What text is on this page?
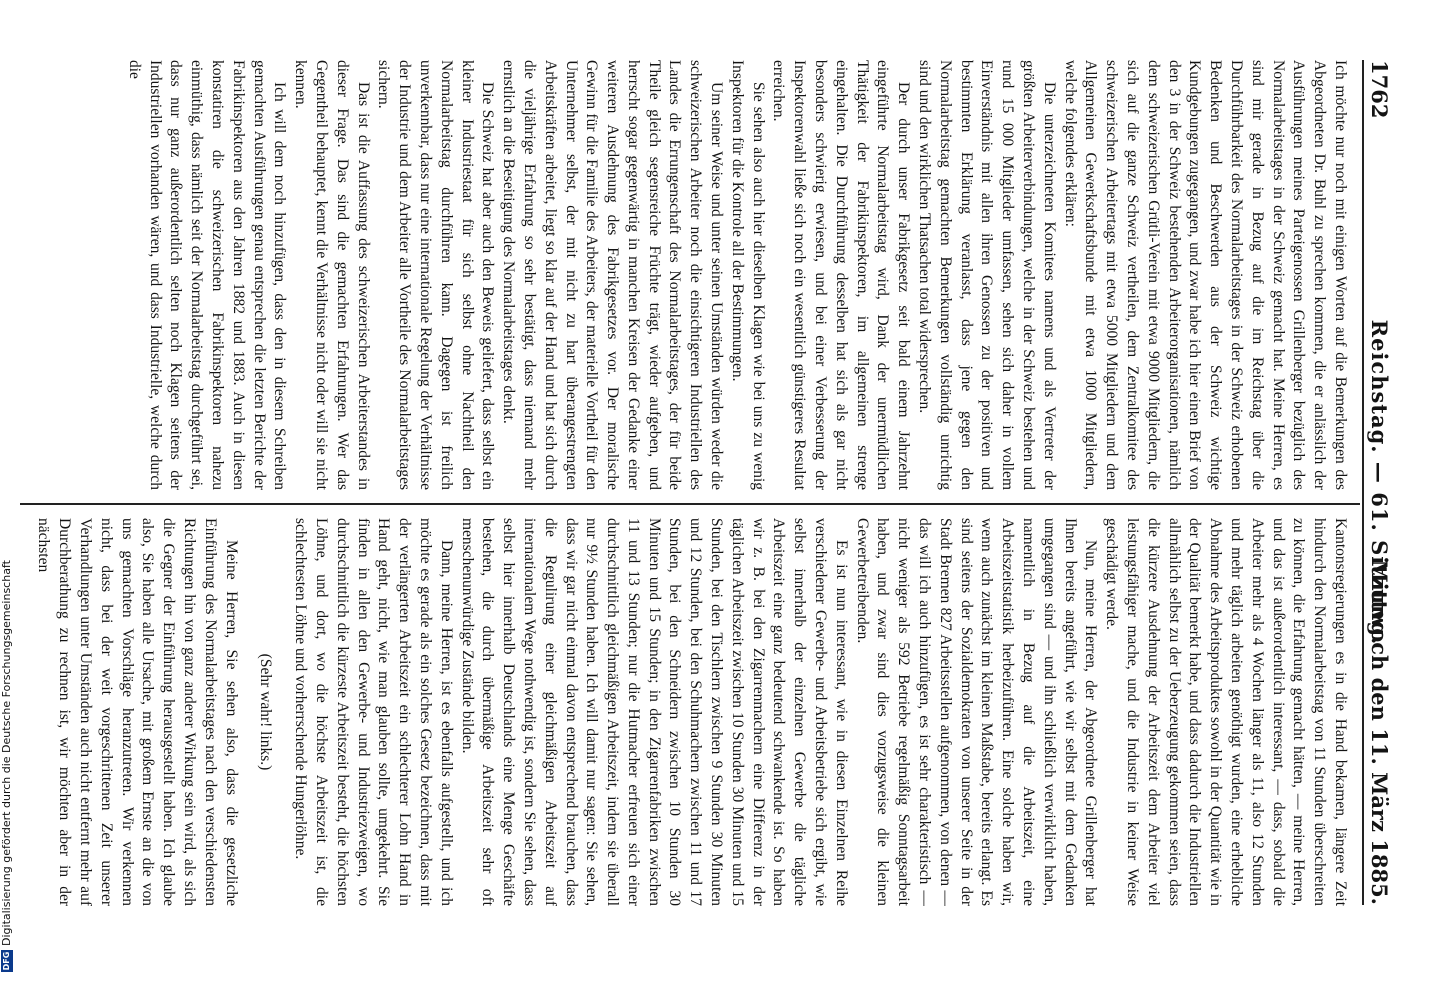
1762
Reichstag. — 61. Sitzung.
Mittwoch den 11. März 1885.

Ich möchte nur noch mit einigen Worten auf die Bemerkungen des Abgeordneten Dr. Buhl zu sprechen kommen, die er anlässlich der Ausführungen meines Parteigenossen Grillenberger bezüglich des Normalarbeitstages in der Schweiz gemacht hat. Meine Herren, es sind mir gerade in Bezug auf die im Reichstag über die Durchführbarkeit des Normalarbeitstages in der Schweiz erhobenen Bedenken und Beschwerden aus der Schweiz wichtige Kundgebungen zugegangen, und zwar habe ich hier einen Brief von den 3 in der Schweiz bestehenden Arbeiterorganisationen, nämlich dem schweizerischen Grütli-Verein mit etwa 9000 Mitgliedern, die sich auf die ganze Schweiz vertheilen, dem Zentralkomitee des schweizerischen Arbeitertags mit etwa 5000 Mitgliedern und dem Allgemeinen Gewerkschaftsbunde mit etwa 1000 Mitgliedern, welche folgendes erklären:

Die unterzeichneten Komitees namens und als Vertreter der größten Arbeiterverbindungen, welche in der Schweiz bestehen und rund 15 000 Mitglieder umfassen, sehen sich daher in vollem Einverständnis mit allen ihren Genossen zu der positiven und bestimmten Erklärung veranlasst, dass jene gegen den Normalarbeitstag gemachten Bemerkungen vollständig unrichtig sind und den wirklichen Thatsachen total widersprechen.

Der durch unser Fabrikgesetz seit bald einem Jahrzehnt eingeführte Normalarbeitstag wird, Dank der unermüdlichen Thätigkeit der Fabrikinspektoren, im allgemeinen strenge eingehalten. Die Durchführung desselben hat sich als gar nicht besonders schwierig erwiesen, und bei einer Verbesserung der Inspektorenwahl ließe sich noch ein wesentlich günstigeres Resultat erreichen.

Sie sehen also auch hier dieselben Klagen wie bei uns zu wenig Inspektoren für die Kontrole all der Bestimmungen.

Um seiner Weise und unter seinen Umständen würden weder die schweizerischen Arbeiter noch die einsichtigeren Industriellen des Landes die Errungenschaft des Normalarbeitstages, der für beide Theile gleich segensreiche Früchte trägt, wieder aufgeben, und herrscht sogar gegenwärtig in manchen Kreisen der Gedanke einer weiteren Ausdehnung des Fabrikgesetzes vor. Der moralische Gewinn für die Familie des Arbeiters, der materielle Vortheil für den Unternehmer selbst, der mit nicht zu hart überangestrengten Arbeitskräften arbeitet, liegt so klar auf der Hand und hat sich durch die vieljährige Erfahrung so sehr bestätigt, dass niemand mehr ernstlich an die Beseitigung des Normalarbeitstages denkt.

Die Schweiz hat aber auch den Beweis geliefert, dass selbst ein kleiner Industriestaat für sich selbst ohne Nachtheil den Normalarbeitstag durchführen kann. Dagegen ist freilich unverkennbar, dass nur eine internationale Regelung der Verhältnisse der Industrie und dem Arbeiter alle Vortheile des Normalarbeitstages sichern.

Das ist die Auffassung des schweizerischen Arbeiterstandes in dieser Frage. Das sind die gemachten Erfahrungen. Wer das Gegentheil behauptet, kennt die Verhältnisse nicht oder will sie nicht kennen.

Ich will dem noch hinzufügen, dass den in diesem Schreiben gemachten Ausführungen genau entsprechen die letzten Berichte der Fabrikinspektoren aus den Jahren 1882 und 1883. Auch in diesen konstatiren die schweizerischen Fabrikinspektoren nahezu einmüthig, dass nämlich seit der Normalarbeitstag durchgeführt sei, dass nur ganz außerordentlich selten noch Klagen seitens der Industriellen vorhanden wären, und dass Industrielle, welche durch die

Kantonsregierungen es in die Hand bekamen, längere Zeit hindurch den Normalarbeitstag von 11 Stunden überschreiten zu können, die Erfahrung gemacht hätten, — meine Herren, und das ist außerordentlich interessant, — dass, sobald die Arbeiter mehr als 4 Wochen länger als 11, also 12 Stunden und mehr täglich arbeiten genöthigt wurden, eine erhebliche Abnahme des Arbeitsproduktes sowohl in der Quantität wie in der Qualität bemerkt habe, und dass dadurch die Industriellen allmählich selbst zu der Ueberzeugung gekommen seien, dass die kürzere Ausdehnung der Arbeitszeit dem Arbeiter viel leistungsfähiger mache, und die Industrie in keiner Weise geschädigt werde.

Nun, meine Herren, der Abgeordnete Grillenberger hat Ihnen bereits angeführt, wie wir selbst mit dem Gedanken umgegangen sind — und ihn schließlich verwirklicht haben, namentlich in Bezug auf die Arbeitszeit, eine Arbeitszeitstatistik herbeizuführen. Eine solche haben wir, wenn auch zunächst im kleinen Maßstabe, bereits erlangt. Es sind seitens der Sozialdemokraten von unserer Seite in der Stadt Bremen 827 Arbeitsstellen aufgenommen, von denen — das will ich auch hinzufügen, es ist sehr charakteristisch — nicht weniger als 592 Betriebe regelmäßig Sonntagsarbeit haben, und zwar sind dies vorzugsweise die kleinen Gewerbetreibenden.

Es ist nun interessant, wie in diesen Einzelnen Reihe verschiedener Gewerbe- und Arbeitsbetriebe sich ergibt, wie selbst innerhalb der einzelnen Gewerbe die tägliche Arbeitszeit eine ganz bedeutend schwankende ist. So haben wir z. B. bei den Zigarrenmachern eine Differenz in der täglichen Arbeitszeit zwischen 10 Stunden 30 Minuten und 15 Stunden, bei den Tischlern zwischen 9 Stunden 30 Minuten und 12 Stunden, bei den Schuhmachern zwischen 11 und 17 Stunden, bei den Schneidern zwischen 10 Stunden 30 Minuten und 15 Stunden; in den Zigarrenfabriken zwischen 11 und 13 Stunden; nur die Hutmacher erfreuen sich einer durchschnittlich gleichmäßigen Arbeitszeit, indem sie überall nur 9½ Stunden haben. Ich will damit nur sagen: Sie sehen, dass wir gar nicht einmal davon entsprechend brauchen, dass die Regulirung einer gleichmäßigen Arbeitszeit auf internationalem Wege nothwendig ist, sondern Sie sehen, dass selbst hier innerhalb Deutschlands eine Menge Geschäfte bestehen, die durch übermäßige Arbeitszeit sehr oft menschenunwürdige Zustände bilden.

Dann, meine Herren, ist es ebenfalls aufgestellt, und ich möchte es gerade als ein solches Gesetz bezeichnen, dass mit der verlängerten Arbeitszeit ein schlechterer Lohn Hand in Hand geht, nicht, wie man glauben sollte, umgekehrt. Sie finden in allen den Gewerbe- und Industriezweigen, wo durchschnittlich die kürzeste Arbeitszeit besteht, die höchsten Löhne, und dort, wo die höchste Arbeitszeit ist, die schlechtesten Löhne und vorherrschende Hungerlöhne.

(Sehr wahr! links.)

Meine Herren, Sie sehen also, dass die gesetzliche Einführung des Normalarbeitstages nach den verschiedensten Richtungen hin von ganz anderer Wirkung sein wird, als sich die Gegner der Einführung herausgestellt haben. Ich glaube also, Sie haben alle Ursache, mit großem Ernste an die von uns gemachten Vorschläge heranzutreten. Wir verkennen nicht, dass bei der weit vorgeschrittenen Zeit unserer Verhandlungen unter Umständen auch nicht entfernt mehr auf Durchberathung zu rechnen ist, wir möchten aber in der nächsten

DFGDigitalisierung gefördert durch die Deutsche Forschungsgemeinschaft
